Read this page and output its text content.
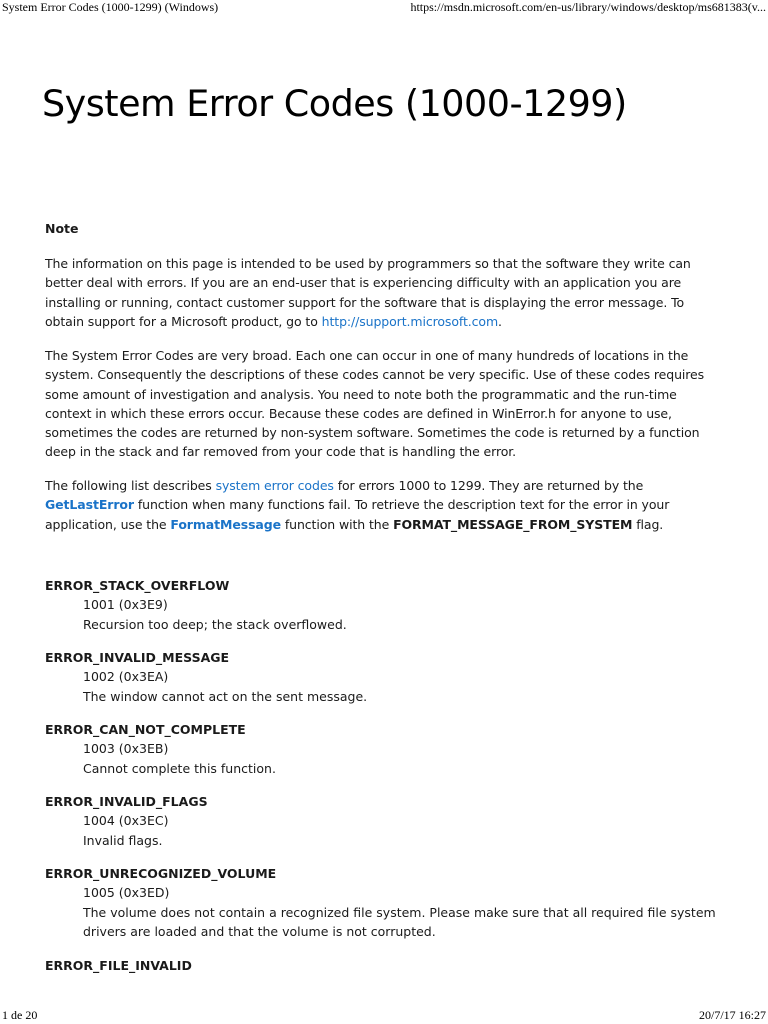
System Error Codes (1000-1299) (Windows)	https://msdn.microsoft.com/en-us/library/windows/desktop/ms681383(v...
System Error Codes (1000-1299)

Note

The information on this page is intended to be used by programmers so that the software they write can better deal with errors. If you are an end-user that is experiencing difficulty with an application you are installing or running, contact customer support for the software that is displaying the error message. To obtain support for a Microsoft product, go to http://support.microsoft.com.

The System Error Codes are very broad. Each one can occur in one of many hundreds of locations in the system. Consequently the descriptions of these codes cannot be very specific. Use of these codes requires some amount of investigation and analysis. You need to note both the programmatic and the run-time context in which these errors occur. Because these codes are defined in WinError.h for anyone to use, sometimes the codes are returned by non-system software. Sometimes the code is returned by a function deep in the stack and far removed from your code that is handling the error.

The following list describes system error codes for errors 1000 to 1299. They are returned by the GetLastError function when many functions fail. To retrieve the description text for the error in your application, use the FormatMessage function with the FORMAT_MESSAGE_FROM_SYSTEM flag.

ERROR_STACK_OVERFLOW

1001 (0x3E9)

Recursion too deep; the stack overflowed.

ERROR_INVALID_MESSAGE

1002 (0x3EA)

The window cannot act on the sent message.

ERROR_CAN_NOT_COMPLETE

1003 (0x3EB)

Cannot complete this function.

ERROR_INVALID_FLAGS

1004 (0x3EC)

Invalid flags.

ERROR_UNRECOGNIZED_VOLUME

1005 (0x3ED)

The volume does not contain a recognized file system. Please make sure that all required file system drivers are loaded and that the volume is not corrupted.

ERROR_FILE_INVALID

1 de 20	20/7/17 16:27
